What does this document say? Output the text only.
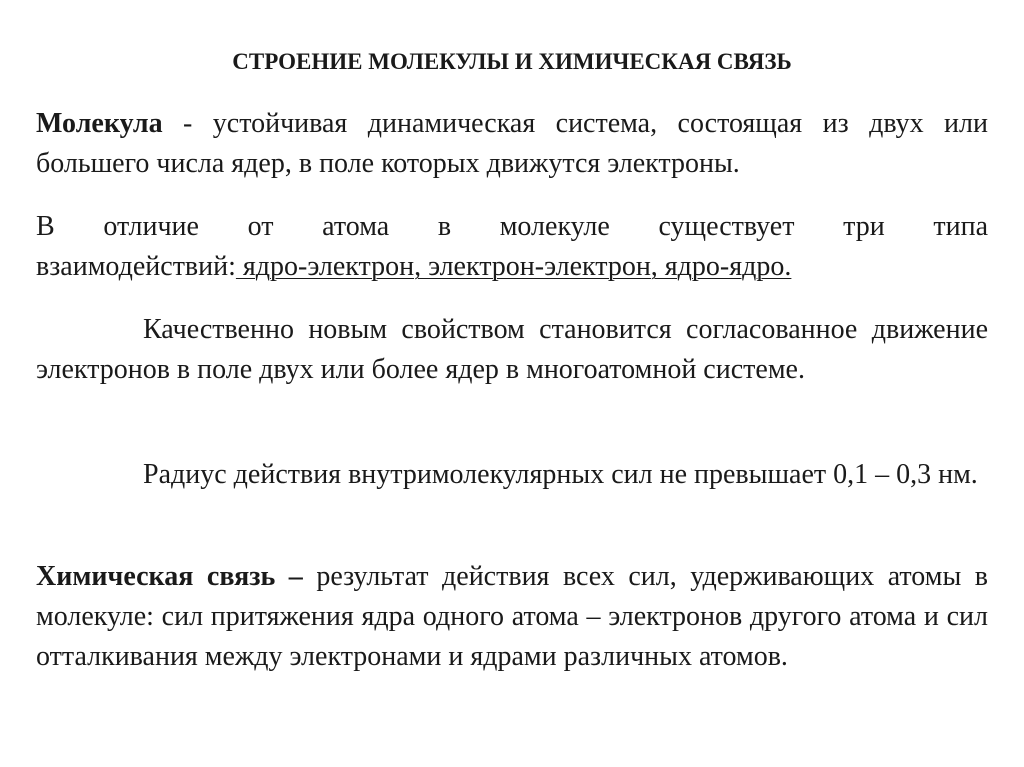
СТРОЕНИЕ МОЛЕКУЛЫ И ХИМИЧЕСКАЯ СВЯЗЬ

Молекула - устойчивая динамическая система, состоящая из двух или большего числа ядер, в поле которых движутся электроны.

В отличие от атома в молекуле существует три типа
взаимодействий: ядро-электрон, электрон-электрон, ядро-ядро.

Качественно новым свойством становится согласованное движение электронов в поле двух или более ядер в многоатомной системе.

Радиус действия внутримолекулярных сил не превышает 0,1 – 0,3 нм.

Химическая связь – результат действия всех сил, удерживающих атомы в молекуле: сил притяжения ядра одного атома – электронов другого атома и сил отталкивания между электронами и ядрами различных атомов.
